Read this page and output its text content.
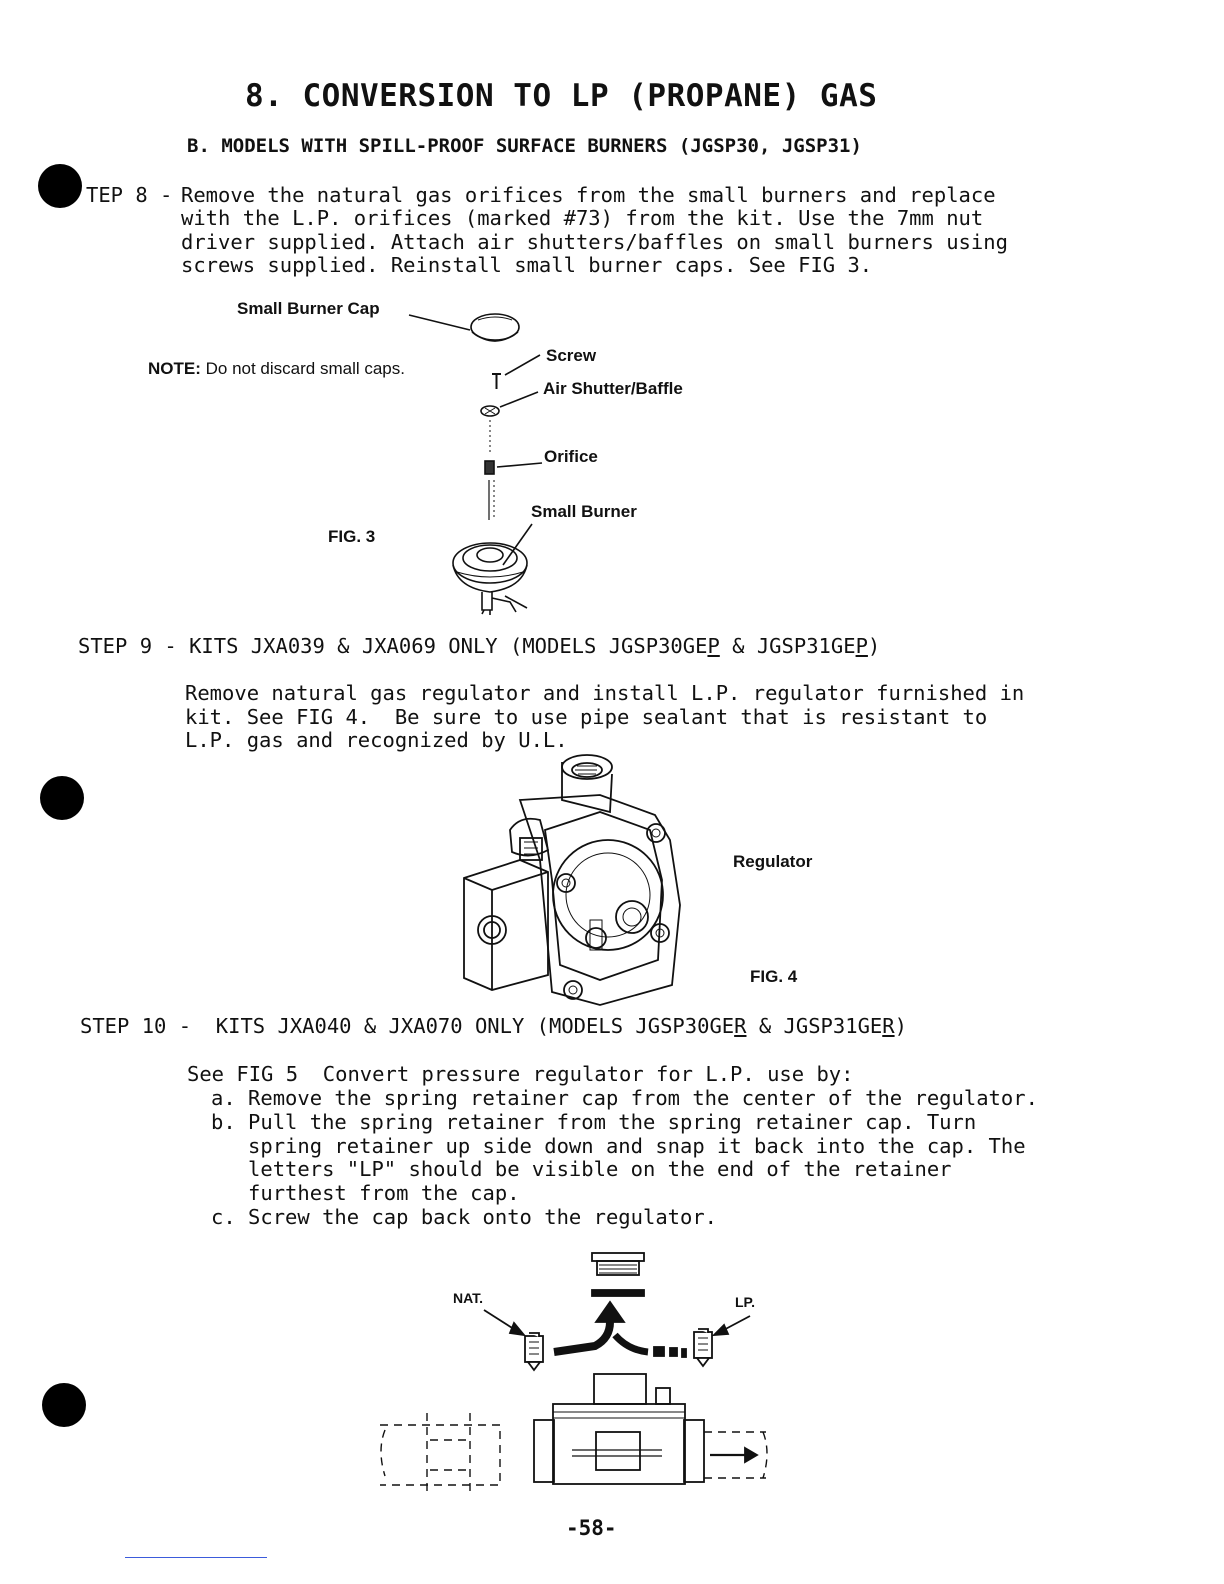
8. CONVERSION TO LP (PROPANE) GAS
B. MODELS WITH SPILL-PROOF SURFACE BURNERS (JGSP30, JGSP31)
TEP 8 -
Remove the natural gas orifices from the small burners and replace
with the L.P. orifices (marked #73) from the kit. Use the 7mm nut
driver supplied. Attach air shutters/baffles on small burners using
screws supplied. Reinstall small burner caps. See FIG 3.
Small Burner Cap
NOTE: Do not discard small caps.
Screw
Air Shutter/Baffle
Orifice
Small Burner
FIG. 3
STEP 9 - KITS JXA039 & JXA069 ONLY (MODELS JGSP30GEP & JGSP31GEP)
Remove natural gas regulator and install L.P. regulator furnished in
kit. See FIG 4.  Be sure to use pipe sealant that is resistant to
L.P. gas and recognized by U.L.
Regulator
FIG. 4
STEP 10 -  KITS JXA040 & JXA070 ONLY (MODELS JGSP30GER & JGSP31GER)
See FIG 5  Convert pressure regulator for L.P. use by:
a. Remove the spring retainer cap from the center of the regulator.
b. Pull the spring retainer from the spring retainer cap. Turn
spring retainer up side down and snap it back into the cap. The
letters "LP" should be visible on the end of the retainer
furthest from the cap.
c. Screw the cap back onto the regulator.
NAT.	LP.
-58-
